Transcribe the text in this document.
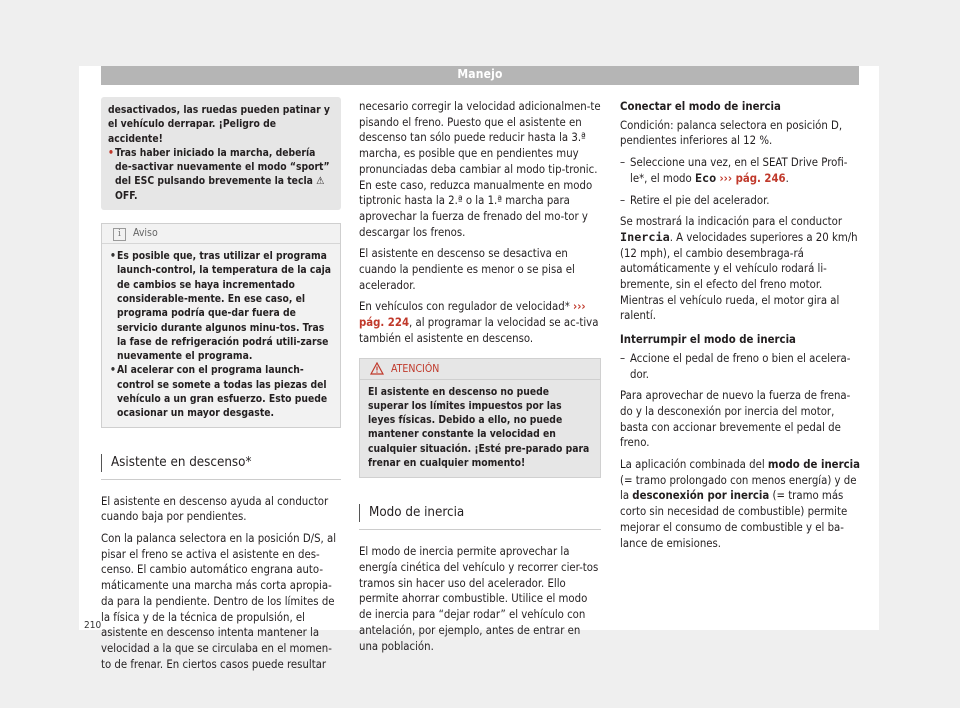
Manejo
desactivados, las ruedas pueden patinar y el vehículo derrapar. ¡Peligro de accidente!
• Tras haber iniciado la marcha, debería de-sactivar nuevamente el modo “sport” del ESC pulsando brevemente la tecla ⚠ OFF.
i	Aviso
• Es posible que, tras utilizar el programa launch-control, la temperatura de la caja de cambios se haya incrementado considerable-mente. En ese caso, el programa podría que-dar fuera de servicio durante algunos minu-tos. Tras la fase de refrigeración podrá utili-zarse nuevamente el programa.
• Al acelerar con el programa launch-control se somete a todas las piezas del vehículo a un gran esfuerzo. Esto puede ocasionar un mayor desgaste.
Asistente en descenso*

El asistente en descenso ayuda al conductor cuando baja por pendientes.

Con la palanca selectora en la posición D/S, al pisar el freno se activa el asistente en des-censo. El cambio automático engrana auto-máticamente una marcha más corta apropia-da para la pendiente. Dentro de los límites de la física y de la técnica de propulsión, el asistente en descenso intenta mantener la velocidad a la que se circulaba en el momen-to de frenar. En ciertos casos puede resultar

necesario corregir la velocidad adicionalmen-te pisando el freno. Puesto que el asistente en descenso tan sólo puede reducir hasta la 3.ª marcha, es posible que en pendientes muy pronunciadas deba cambiar al modo tip-tronic. En este caso, reduzca manualmente en modo tiptronic hasta la 2.ª o la 1.ª marcha para aprovechar la fuerza de frenado del mo-tor y descargar los frenos.

El asistente en descenso se desactiva en cuando la pendiente es menor o se pisa el acelerador.

En vehículos con regulador de velocidad* ››› pág. 224, al programar la velocidad se ac-tiva también el asistente en descenso.

ATENCIÓN
El asistente en descenso no puede superar los límites impuestos por las leyes físicas. Debido a ello, no puede mantener constante la velocidad en cualquier situación. ¡Esté pre-parado para frenar en cualquier momento!
Modo de inercia

El modo de inercia permite aprovechar la energía cinética del vehículo y recorrer cier-tos tramos sin hacer uso del acelerador. Ello permite ahorrar combustible. Utilice el modo de inercia para “dejar rodar” el vehículo con antelación, por ejemplo, antes de entrar en una población.

Conectar el modo de inercia

Condición: palanca selectora en posición D, pendientes inferiores al 12 %.

– Seleccione una vez, en el SEAT Drive Profi-le*, el modo Eco ››› pág. 246.
– Retire el pie del acelerador.

Se mostrará la indicación para el conductor Inercia. A velocidades superiores a 20 km/h (12 mph), el cambio desembraga-rá automáticamente y el vehículo rodará li-bremente, sin el efecto del freno motor. Mientras el vehículo rueda, el motor gira al ralentí.

Interrumpir el modo de inercia

– Accione el pedal de freno o bien el acelera-dor.

Para aprovechar de nuevo la fuerza de frena-do y la desconexión por inercia del motor, basta con accionar brevemente el pedal de freno.

La aplicación combinada del modo de inercia (= tramo prolongado con menos energía) y de la desconexión por inercia (= tramo más corto sin necesidad de combustible) permite mejorar el consumo de combustible y el ba-lance de emisiones.

210
